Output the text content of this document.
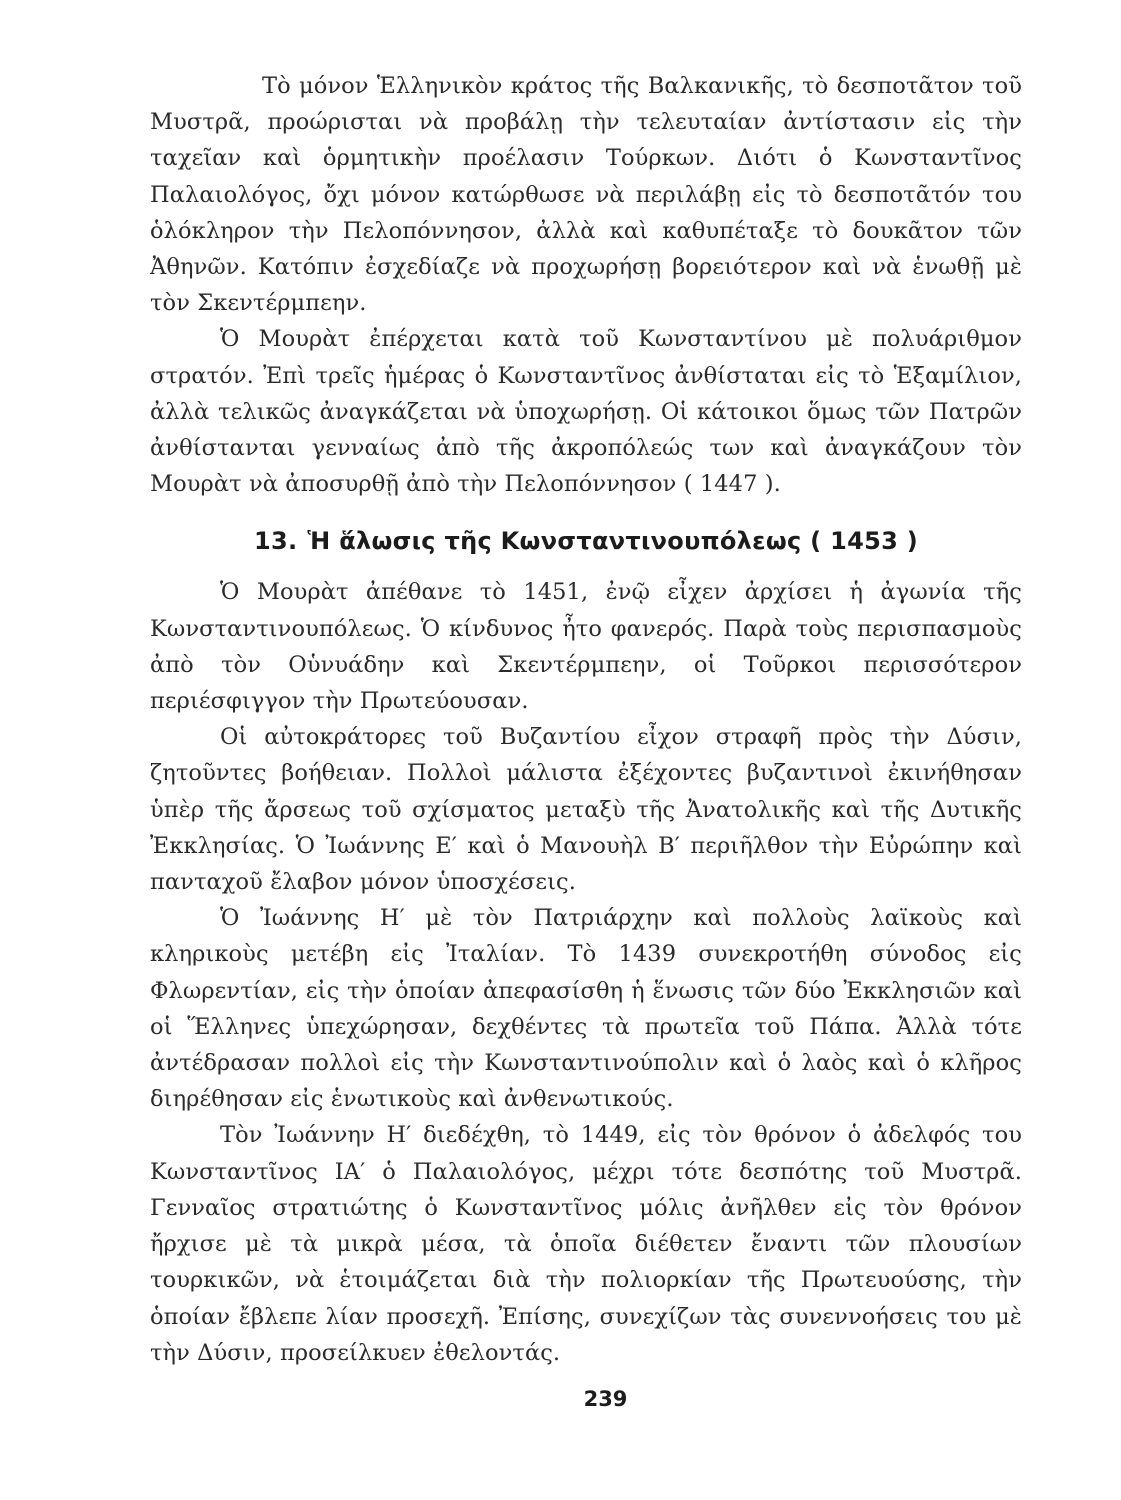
Τὸ μόνον Ἑλληνικὸν κράτος τῆς Βαλκανικῆς, τὸ δεσποτᾶτον τοῦ Μυστρᾶ, προώρισται νὰ προβάλῃ τὴν τελευταίαν ἀντίστασιν εἰς τὴν ταχεῖαν καὶ ὁρμητικὴν προέλασιν Τούρκων. Διότι ὁ Κωνσταντῖνος Παλαιολόγος, ὄχι μόνον κατώρθωσε νὰ περιλάβῃ εἰς τὸ δεσποτᾶτόν του ὁλόκληρον τὴν Πελοπόννησον, ἀλλὰ καὶ καθυπέταξε τὸ δουκᾶτον τῶν Ἀθηνῶν. Κατόπιν ἐσχεδίαζε νὰ προχωρήσῃ βορειότερον καὶ νὰ ἑνωθῇ μὲ τὸν Σκεντέρμπεην.

Ὁ Μουρὰτ ἐπέρχεται κατὰ τοῦ Κωνσταντίνου μὲ πολυάριθμον στρατόν. Ἐπὶ τρεῖς ἡμέρας ὁ Κωνσταντῖνος ἀνθίσταται εἰς τὸ Ἑξαμίλιον, ἀλλὰ τελικῶς ἀναγκάζεται νὰ ὑποχωρήσῃ. Οἱ κάτοικοι ὅμως τῶν Πατρῶν ἀνθίστανται γενναίως ἀπὸ τῆς ἀκροπόλεώς των καὶ ἀναγκάζουν τὸν Μουρὰτ νὰ ἀποσυρθῇ ἀπὸ τὴν Πελοπόννησον ( 1447 ).

13. Ἡ ἅλωσις τῆς Κωνσταντινουπόλεως ( 1453 )

Ὁ Μουρὰτ ἀπέθανε τὸ 1451, ἐνῷ εἶχεν ἀρχίσει ἡ ἀγωνία τῆς Κωνσταντινουπόλεως. Ὁ κίνδυνος ἦτο φανερός. Παρὰ τοὺς περισπασμοὺς ἀπὸ τὸν Οὑνυάδην καὶ Σκεντέρμπεην, οἱ Τοῦρκοι περισσότερον περιέσφιγγον τὴν Πρωτεύουσαν.

Οἱ αὐτοκράτορες τοῦ Βυζαντίου εἶχον στραφῆ πρὸς τὴν Δύσιν, ζητοῦντες βοήθειαν. Πολλοὶ μάλιστα ἐξέχοντες βυζαντινοὶ ἐκινήθησαν ὑπὲρ τῆς ἄρσεως τοῦ σχίσματος μεταξὺ τῆς Ἀνατολικῆς καὶ τῆς Δυτικῆς Ἐκκλησίας. Ὁ Ἰωάννης Ε′ καὶ ὁ Μανουὴλ Β′ περιῆλθον τὴν Εὐρώπην καὶ πανταχοῦ ἔλαβον μόνον ὑποσχέσεις.

Ὁ Ἰωάννης Η′ μὲ τὸν Πατριάρχην καὶ πολλοὺς λαϊκοὺς καὶ κληρικοὺς μετέβη εἰς Ἰταλίαν. Τὸ 1439 συνεκροτήθη σύνοδος εἰς Φλωρεντίαν, εἰς τὴν ὁποίαν ἀπεφασίσθη ἡ ἕνωσις τῶν δύο Ἐκκλησιῶν καὶ οἱ Ἕλληνες ὑπεχώρησαν, δεχθέντες τὰ πρωτεῖα τοῦ Πάπα. Ἀλλὰ τότε ἀντέδρασαν πολλοὶ εἰς τὴν Κωνσταντινούπολιν καὶ ὁ λαὸς καὶ ὁ κλῆρος διηρέθησαν εἰς ἑνωτικοὺς καὶ ἀνθενωτικούς.

Τὸν Ἰωάννην Η′ διεδέχθη, τὸ 1449, εἰς τὸν θρόνον ὁ ἀδελφός του Κωνσταντῖνος ΙΑ′ ὁ Παλαιολόγος, μέχρι τότε δεσπότης τοῦ Μυστρᾶ. Γενναῖος στρατιώτης ὁ Κωνσταντῖνος μόλις ἀνῆλθεν εἰς τὸν θρόνον ἤρχισε μὲ τὰ μικρὰ μέσα, τὰ ὁποῖα διέθετεν ἔναντι τῶν πλουσίων τουρκικῶν, νὰ ἑτοιμάζεται διὰ τὴν πολιορκίαν τῆς Πρωτευούσης, τὴν ὁποίαν ἔβλεπε λίαν προσεχῆ. Ἐπίσης, συνεχίζων τὰς συνεννοήσεις του μὲ τὴν Δύσιν, προσείλκυεν ἐθελοντάς.

239
